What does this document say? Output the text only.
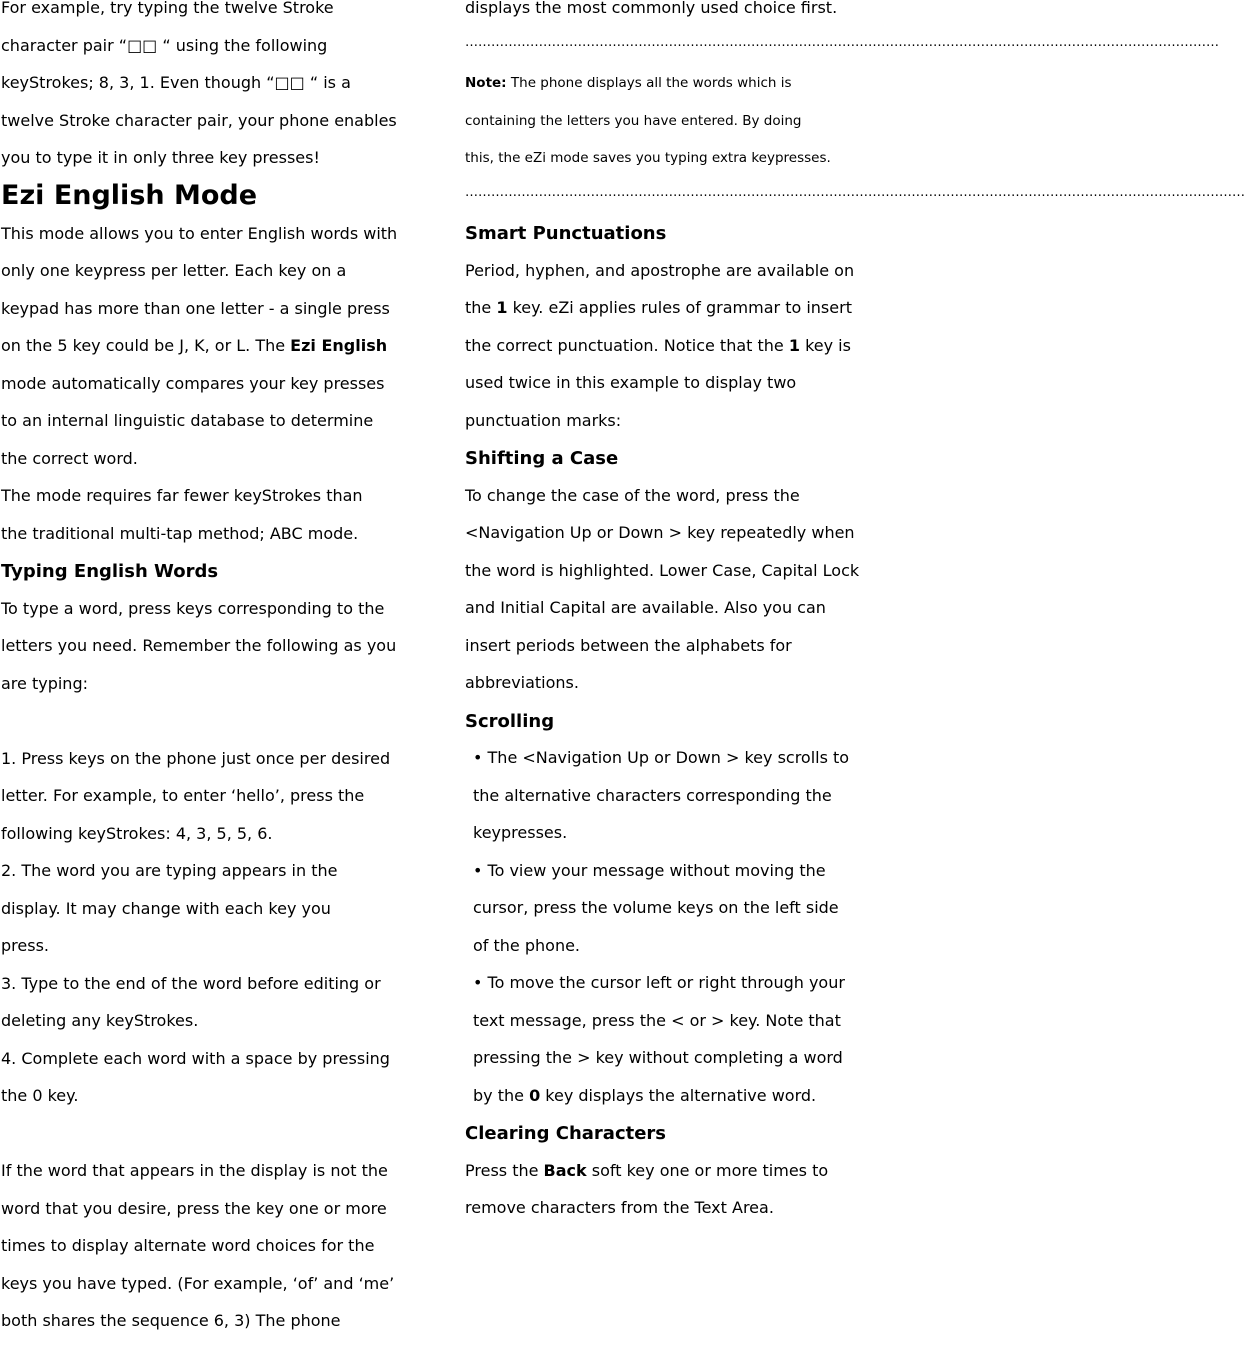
For example, try typing the twelve Stroke
character pair “□□ “ using the following
keyStrokes; 8, 3, 1. Even though “□□ “ is a
twelve Stroke character pair, your phone enables
you to type it in only three key presses!
Ezi English Mode
This mode allows you to enter English words with
only one keypress per letter. Each key on a
keypad has more than one letter - a single press
on the 5 key could be J, K, or L. The Ezi English
mode automatically compares your key presses
to an internal linguistic database to determine
the correct word.
The mode requires far fewer keyStrokes than
the traditional multi-tap method; ABC mode.
Typing English Words
To type a word, press keys corresponding to the
letters you need. Remember the following as you
are typing:
1. Press keys on the phone just once per desired
letter. For example, to enter ‘hello’, press the
following keyStrokes: 4, 3, 5, 5, 6.
2. The word you are typing appears in the
display. It may change with each key you
press.
3. Type to the end of the word before editing or
deleting any keyStrokes.
4. Complete each word with a space by pressing
the 0 key.
If the word that appears in the display is not the
word that you desire, press the key one or more
times to display alternate word choices for the
keys you have typed. (For example, ‘of’ and ‘me’
both shares the sequence 6, 3) The phone
displays the most commonly used choice first.
…………………………………………………………………………………………………………………………………………………………
Note: The phone displays all the words which is
containing the letters you have entered. By doing
this, the eZi mode saves you typing extra keypresses.
………………………………………………………………………………………………………………………………………………………………
Smart Punctuations
Period, hyphen, and apostrophe are available on
the 1 key. eZi applies rules of grammar to insert
the correct punctuation. Notice that the 1 key is
used twice in this example to display two
punctuation marks:
Shifting a Case
To change the case of the word, press the
<Navigation Up or Down > key repeatedly when
the word is highlighted. Lower Case, Capital Lock
and Initial Capital are available. Also you can
insert periods between the alphabets for
abbreviations.
Scrolling
• The <Navigation Up or Down > key scrolls to
the alternative characters corresponding the
keypresses.
• To view your message without moving the
cursor, press the volume keys on the left side
of the phone.
• To move the cursor left or right through your
text message, press the < or > key. Note that
pressing the > key without completing a word
by the 0 key displays the alternative word.
Clearing Characters
Press the Back soft key one or more times to
remove characters from the Text Area.
